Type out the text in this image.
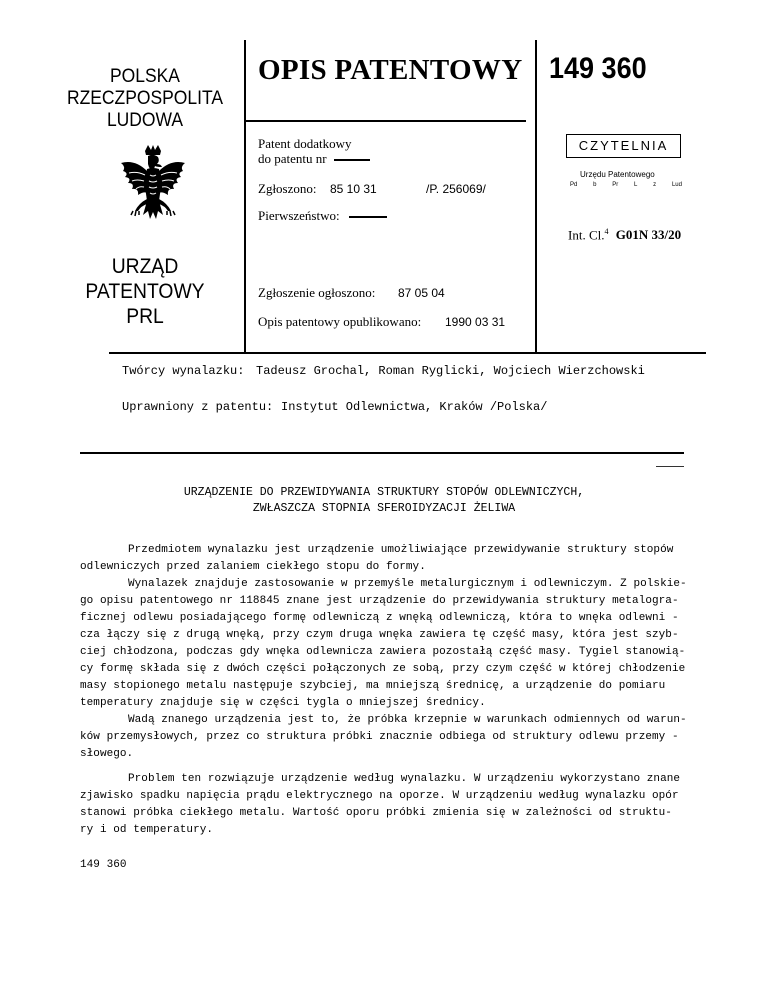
POLSKA
RZECZPOSPOLITA
LUDOWA
URZĄD
PATENTOWY
PRL
OPIS PATENTOWY 149 360
Patent dodatkowy
do patentu nr
Zgłoszono: 85 10 31	/P. 256069/
Pierwszeństwo:
Zgłoszenie ogłoszono: 87 05 04
Opis patentowy opublikowano: 1990 03 31
CZYTELNIA
Urzędu Patentowego
Pd	b	Pr	L	z	Lud
Int. Cl.$^4$ G01N 33/20
Twórcy wynalazku: Tadeusz Grochal, Roman Ryglicki, Wojciech Wierzchowski
Uprawniony z patentu: Instytut Odlewnictwa, Kraków /Polska/
URZĄDZENIE DO PRZEWIDYWANIA STRUKTURY STOPÓW ODLEWNICZYCH,
ZWŁASZCZA STOPNIA SFEROIDYZACJI ŻELIWA
Przedmiotem wynalazku jest urządzenie umożliwiające przewidywanie struktury stopów
odlewniczych przed zalaniem ciekłego stopu do formy.
Wynalazek znajduje zastosowanie w przemyśle metalurgicznym i odlewniczym. Z polskie-
go opisu patentowego nr 118845 znane jest urządzenie do przewidywania struktury metalogra-
ficznej odlewu posiadającego formę odlewniczą z wnęką odlewniczą, która to wnęka odlewni -
cza łączy się z drugą wnęką, przy czym druga wnęka zawiera tę część masy, która jest szyb-
ciej chłodzona, podczas gdy wnęka odlewnicza zawiera pozostałą część masy. Tygiel stanowią-
cy formę składa się z dwóch części połączonych ze sobą, przy czym część w której chłodzenie
masy stopionego metalu następuje szybciej, ma mniejszą średnicę, a urządzenie do pomiaru
temperatury znajduje się w części tygla o mniejszej średnicy.
Wadą znanego urządzenia jest to, że próbka krzepnie w warunkach odmiennych od warun-
ków przemysłowych, przez co struktura próbki znacznie odbiega od struktury odlewu przemy -
słowego.
Problem ten rozwiązuje urządzenie według wynalazku. W urządzeniu wykorzystano znane
zjawisko spadku napięcia prądu elektrycznego na oporze. W urządzeniu według wynalazku opór
stanowi próbka ciekłego metalu. Wartość oporu próbki zmienia się w zależności od struktu-
ry i od temperatury.
149 360
